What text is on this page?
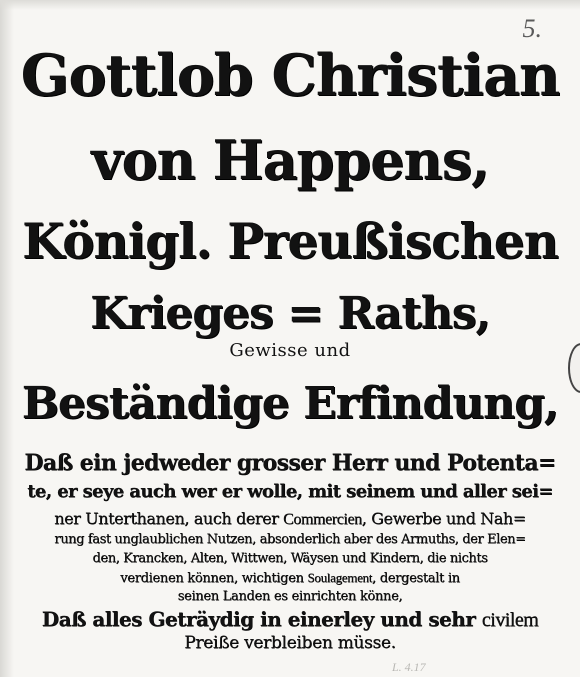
5.
Gottlob Christian
von Happens,
Königl. Preußischen
Krieges = Raths,
Gewisse und
Beständige Erfindung,
Daß ein jedweder grosser Herr und Potenta=
te, er seye auch wer er wolle, mit seinem und aller sei=
ner Unterthanen, auch derer Commercien, Gewerbe und Nah=
rung fast unglaublichen Nutzen, absonderlich aber des Armuths, der Elen=
den, Krancken, Alten, Wittwen, Wäysen und Kindern, die nichts
verdienen können, wichtigen Soulagement, dergestalt in
seinen Landen es einrichten könne,
Daß alles Geträydig in einerley und sehr civilem
Preiße verbleiben müsse.
L. 4.17
